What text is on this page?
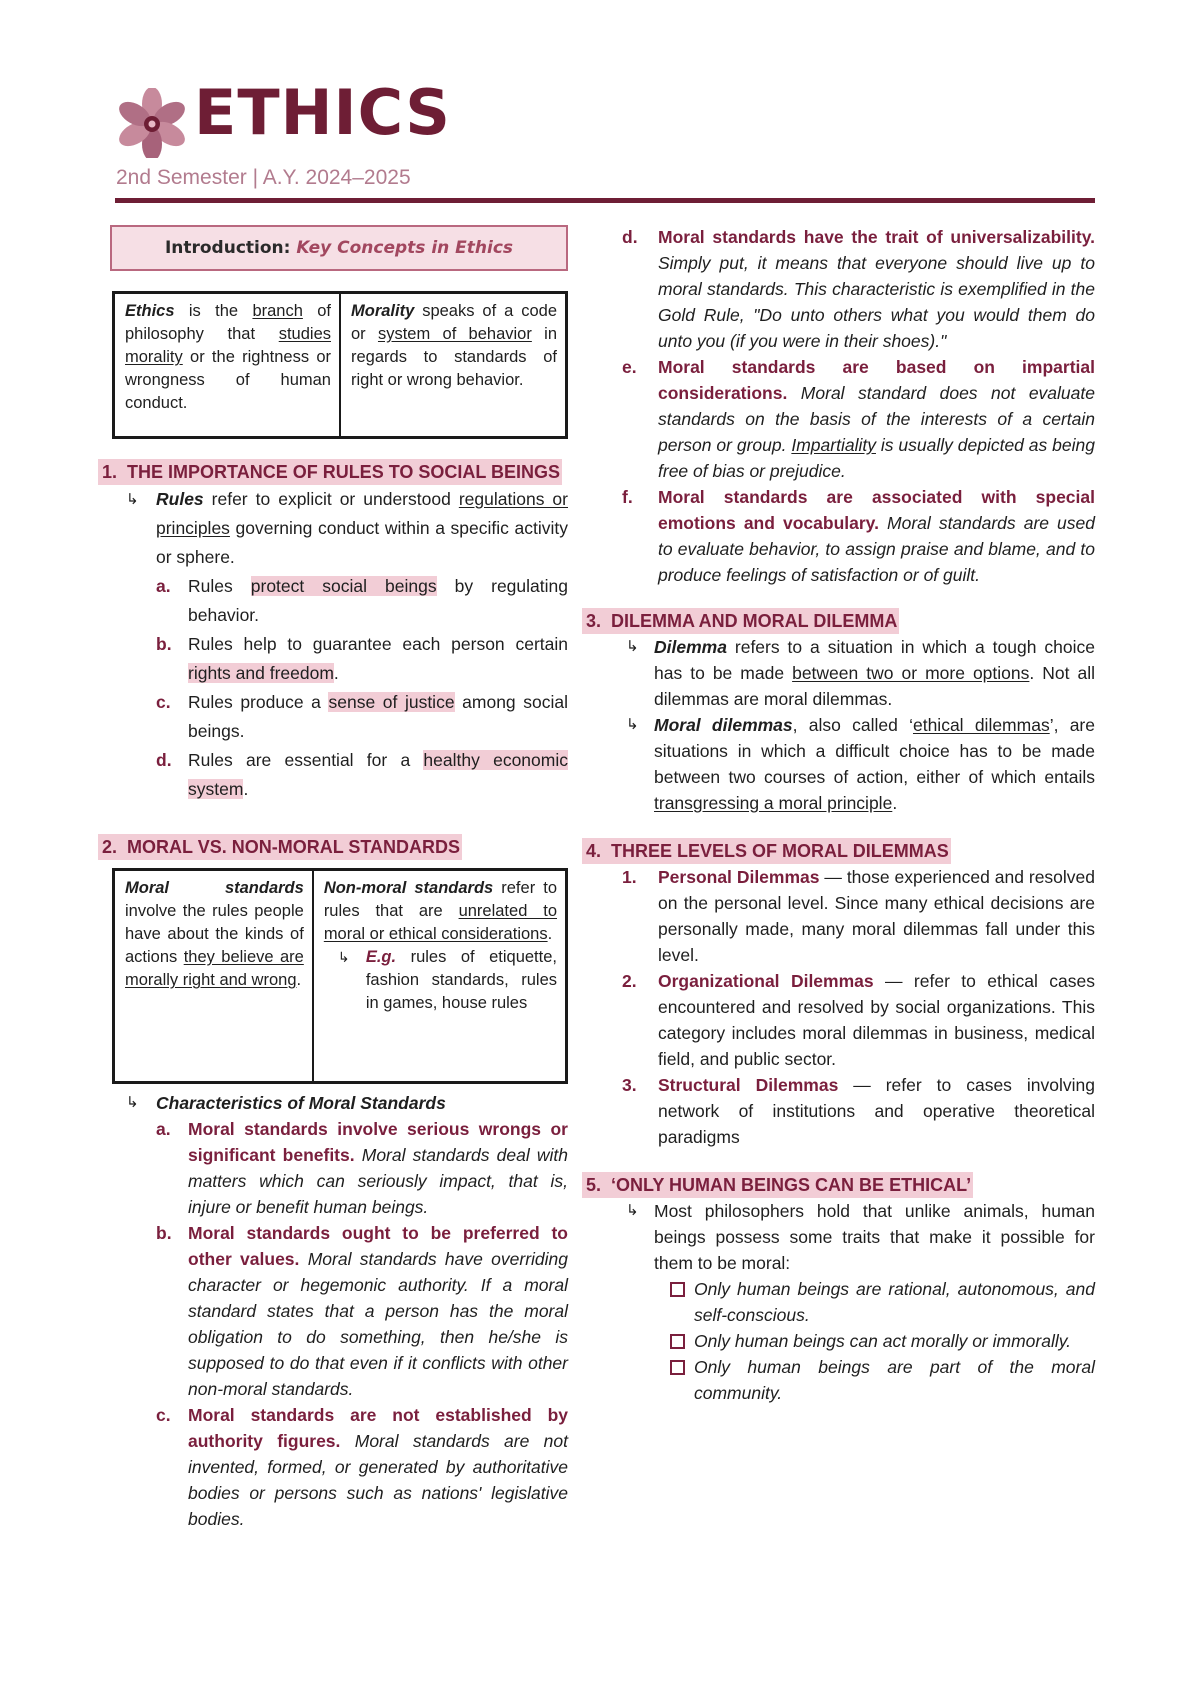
ETHICS
2nd Semester | A.Y. 2024–2025
Introduction: Key Concepts in Ethics
Ethics is the branch of philosophy that studies morality or the rightness or wrongness of human conduct.	Morality speaks of a code or system of behavior in regards to standards of right or wrong behavior.
1. THE IMPORTANCE OF RULES TO SOCIAL BEINGS
↳ Rules refer to explicit or understood regulations or principles governing conduct within a specific activity or sphere.
a. Rules protect social beings by regulating behavior.
b. Rules help to guarantee each person certain rights and freedom.
c. Rules produce a sense of justice among social beings.
d. Rules are essential for a healthy economic system.
2. MORAL VS. NON-MORAL STANDARDS
Moral standards involve the rules people have about the kinds of actions they believe are morally right and wrong.	Non-moral standards refer to rules that are unrelated to moral or ethical considerations.
↳ E.g. rules of etiquette, fashion standards, rules in games, house rules
↳ Characteristics of Moral Standards
a. Moral standards involve serious wrongs or significant benefits. Moral standards deal with matters which can seriously impact, that is, injure or benefit human beings.
b. Moral standards ought to be preferred to other values. Moral standards have overriding character or hegemonic authority. If a moral standard states that a person has the moral obligation to do something, then he/she is supposed to do that even if it conflicts with other non-moral standards.
c. Moral standards are not established by authority figures. Moral standards are not invented, formed, or generated by authoritative bodies or persons such as nations' legislative bodies.
d. Moral standards have the trait of universalizability. Simply put, it means that everyone should live up to moral standards. This characteristic is exemplified in the Gold Rule, "Do unto others what you would them do unto you (if you were in their shoes)."
e. Moral standards are based on impartial considerations. Moral standard does not evaluate standards on the basis of the interests of a certain person or group. Impartiality is usually depicted as being free of bias or prejudice.
f. Moral standards are associated with special emotions and vocabulary. Moral standards are used to evaluate behavior, to assign praise and blame, and to produce feelings of satisfaction or of guilt.
3. DILEMMA AND MORAL DILEMMA
↳ Dilemma refers to a situation in which a tough choice has to be made between two or more options. Not all dilemmas are moral dilemmas.
↳ Moral dilemmas, also called ‘ethical dilemmas’, are situations in which a difficult choice has to be made between two courses of action, either of which entails transgressing a moral principle.
4. THREE LEVELS OF MORAL DILEMMAS
1. Personal Dilemmas — those experienced and resolved on the personal level. Since many ethical decisions are personally made, many moral dilemmas fall under this level.
2. Organizational Dilemmas — refer to ethical cases encountered and resolved by social organizations. This category includes moral dilemmas in business, medical field, and public sector.
3. Structural Dilemmas — refer to cases involving network of institutions and operative theoretical paradigms
5. ‘ONLY HUMAN BEINGS CAN BE ETHICAL’
↳ Most philosophers hold that unlike animals, human beings possess some traits that make it possible for them to be moral:
Only human beings are rational, autonomous, and self-conscious.
Only human beings can act morally or immorally.
Only human beings are part of the moral community.
